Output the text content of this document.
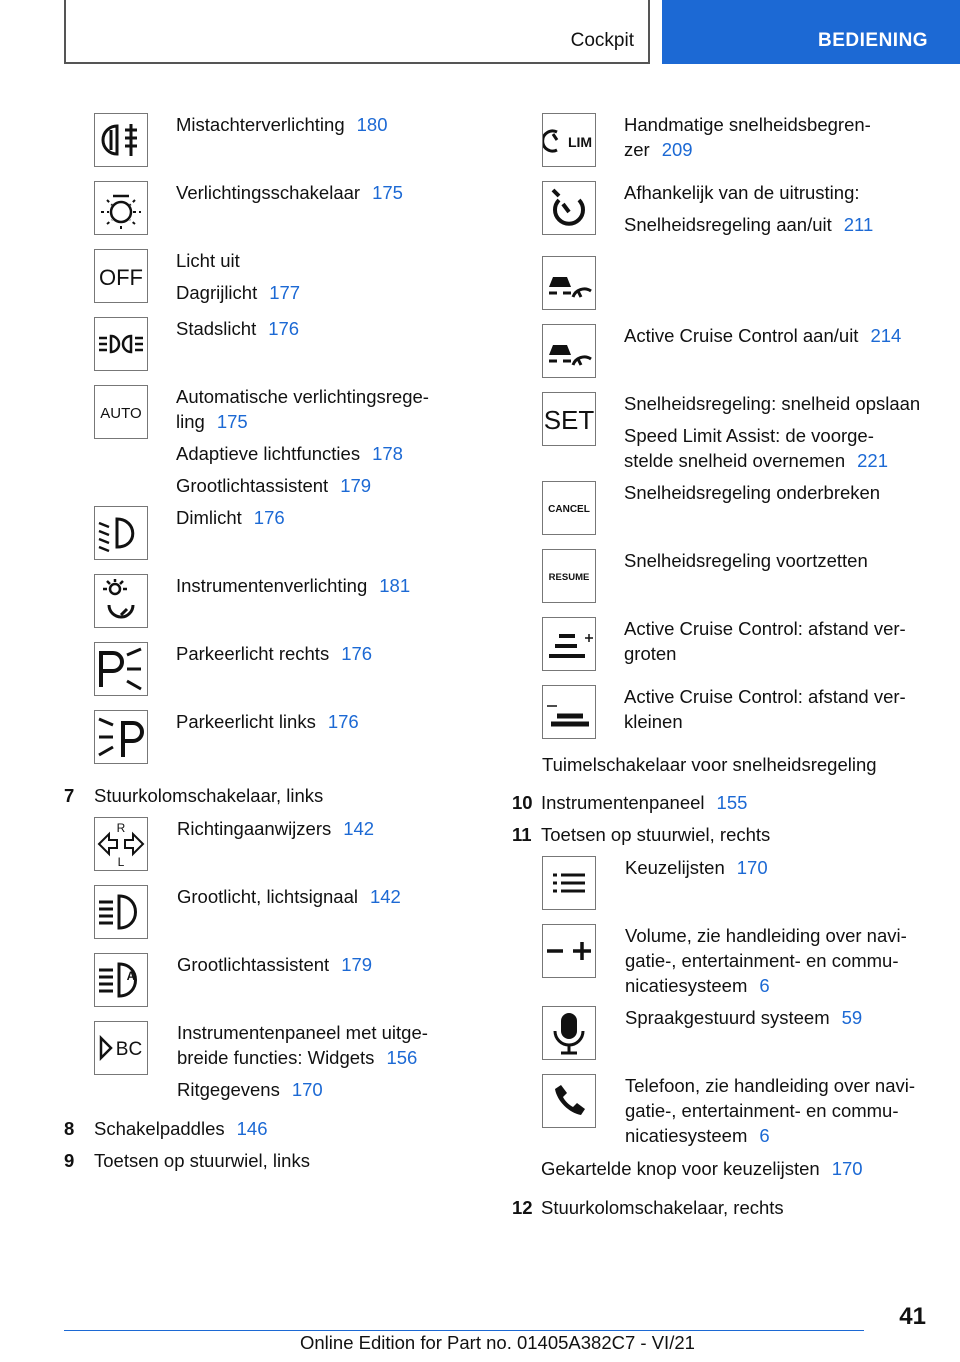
Cockpit	BEDIENING
Mistachterverlichting 180
Verlichtingsschakelaar 175
OFF
Licht uit
Dagrijlicht 177
Stadslicht 176
AUTO
Automatische verlichtingsrege-
ling 175
Adaptieve lichtfuncties 178
Grootlichtassistent 179
Dimlicht 176
Instrumentenverlichting 181
Parkeerlicht rechts 176
Parkeerlicht links 176
7 Stuurkolomschakelaar, links
R
L
Richtingaanwijzers 142
Grootlicht, lichtsignaal 142
A
Grootlichtassistent 179
BC
Instrumentenpaneel met uitge-
breide functies: Widgets 156
Ritgegevens 170
8 Schakelpaddles 146
9 Toetsen op stuurwiel, links
LIM
Handmatige snelheidsbegren-
zer 209
Afhankelijk van de uitrusting:
Snelheidsregeling aan/uit 211
Active Cruise Control aan/uit 214
SET
Snelheidsregeling: snelheid opslaan
Speed Limit Assist: de voorge-
stelde snelheid overnemen 221
CANCEL
Snelheidsregeling onderbreken
RESUME
Snelheidsregeling voortzetten
Active Cruise Control: afstand ver-
groten
Active Cruise Control: afstand ver-
kleinen
Tuimelschakelaar voor snelheidsregeling
10 Instrumentenpaneel 155
11 Toetsen op stuurwiel, rechts
Keuzelijsten 170
Volume, zie handleiding over navi-
gatie-, entertainment- en commu-
nicatiesysteem 6
Spraakgestuurd systeem 59
Telefoon, zie handleiding over navi-
gatie-, entertainment- en commu-
nicatiesysteem 6
Gekartelde knop voor keuzelijsten 170
12 Stuurkolomschakelaar, rechts
41
Online Edition for Part no. 01405A382C7 - VI/21
